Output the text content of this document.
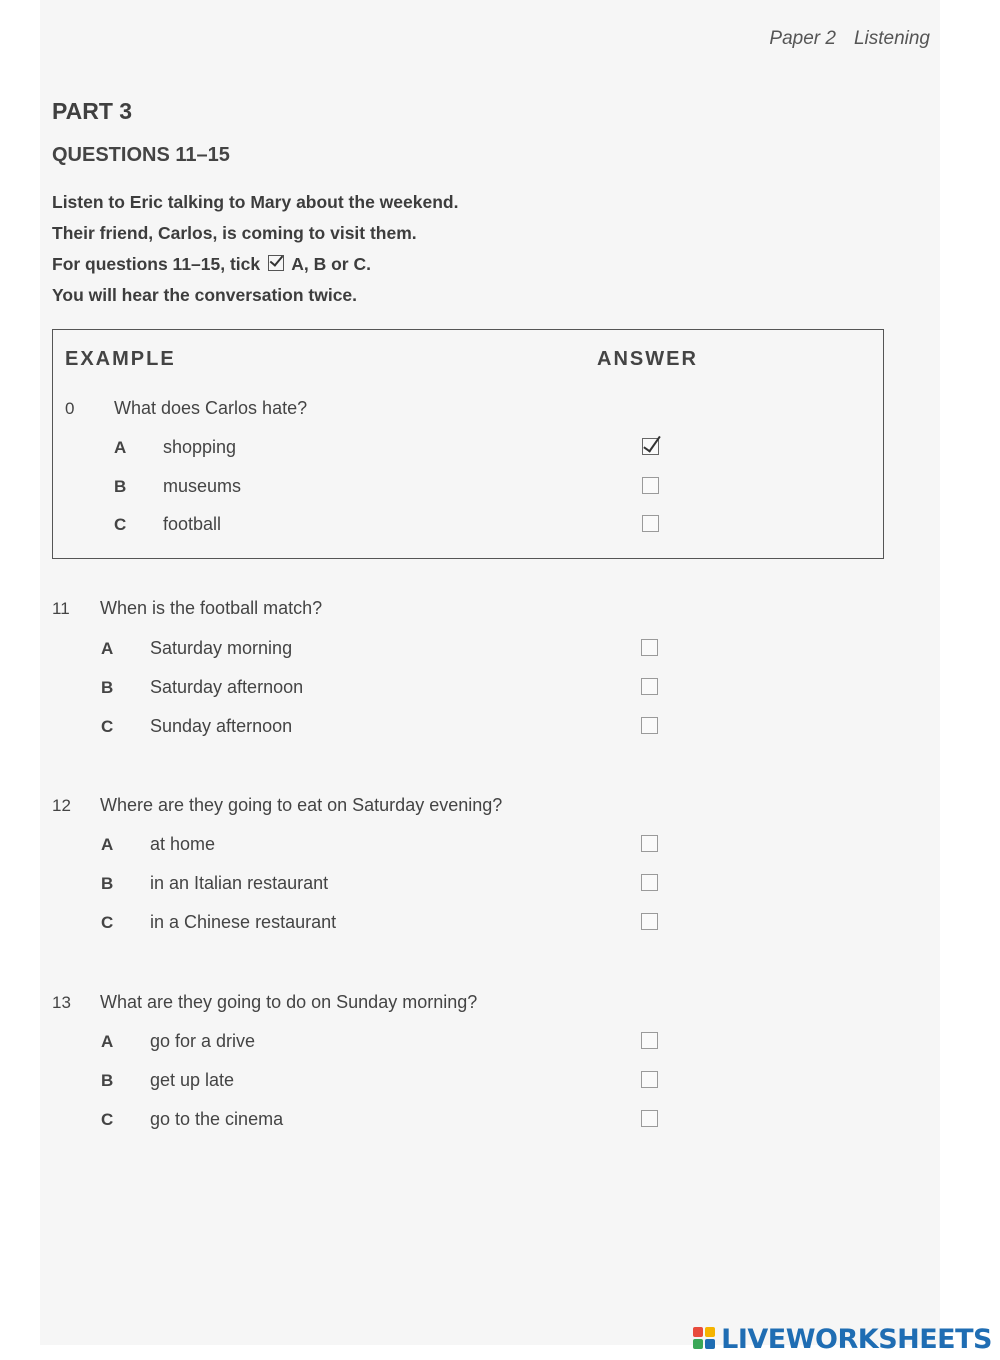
Paper 2 Listening
PART 3
QUESTIONS 11–15
Listen to Eric talking to Mary about the weekend.
Their friend, Carlos, is coming to visit them.
For questions 11–15, tick A, B or C.
You will hear the conversation twice.
EXAMPLE	ANSWER
0 What does Carlos hate?
A shopping
B museums
C football
11 When is the football match?
A Saturday morning
B Saturday afternoon
C Sunday afternoon
12 Where are they going to eat on Saturday evening?
A at home
B in an Italian restaurant
C in a Chinese restaurant
13 What are they going to do on Sunday morning?
A go for a drive
B get up late
C go to the cinema
LIVEWORKSHEETS
